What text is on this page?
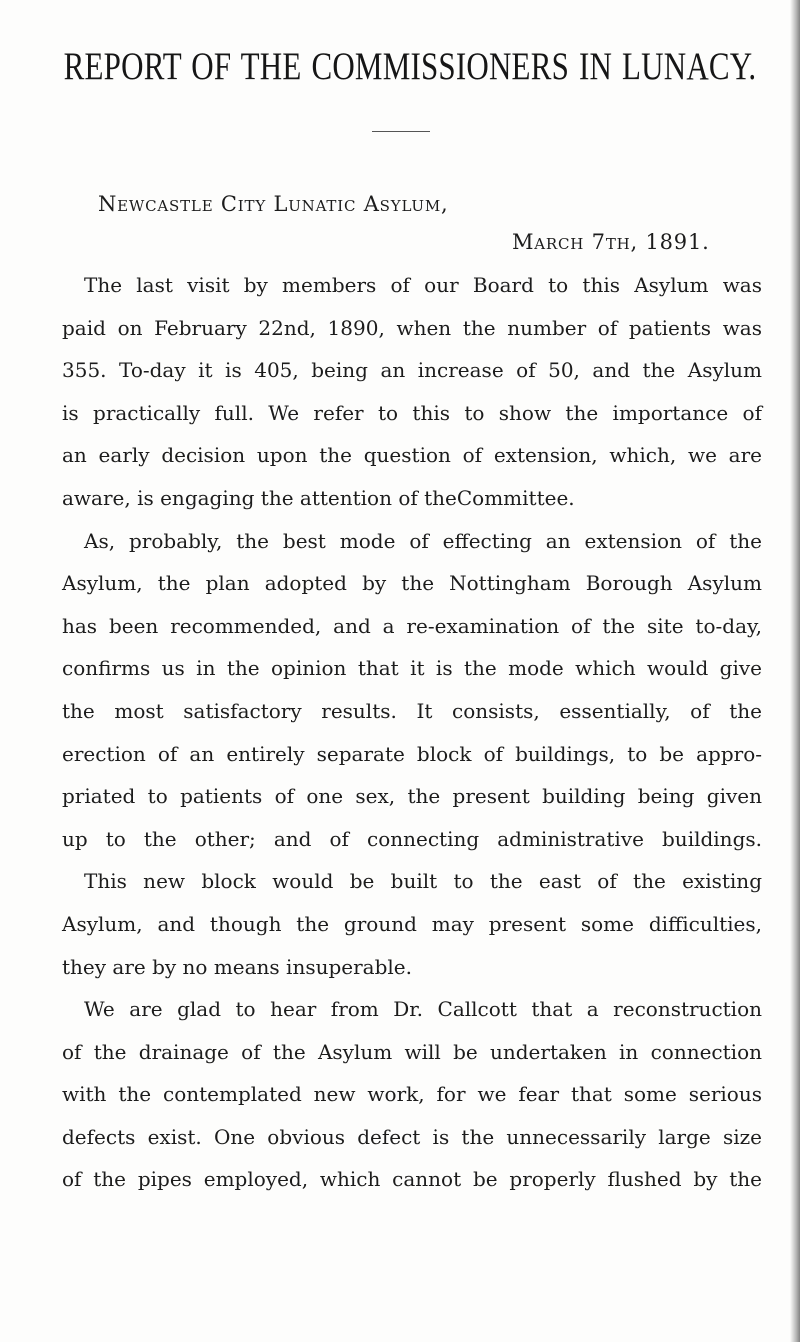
REPORT OF THE COMMISSIONERS IN LUNACY.
Newcastle City Lunatic Asylum,
March 7th, 1891.
The last visit by members of our Board to this Asylum was
paid on February 22nd, 1890, when the number of patients was
355. To-day it is 405, being an increase of 50, and the Asylum
is practically full. We refer to this to show the importance of
an early decision upon the question of extension, which, we are
aware, is engaging the attention of theCommittee.
As, probably, the best mode of effecting an extension of the
Asylum, the plan adopted by the Nottingham Borough Asylum
has been recommended, and a re-examination of the site to-day,
confirms us in the opinion that it is the mode which would give
the most satisfactory results. It consists, essentially, of the
erection of an entirely separate block of buildings, to be appro-
priated to patients of one sex, the present building being given
up to the other; and of connecting administrative buildings.
This new block would be built to the east of the existing
Asylum, and though the ground may present some difficulties,
they are by no means insuperable.
We are glad to hear from Dr. Callcott that a reconstruction
of the drainage of the Asylum will be undertaken in connection
with the contemplated new work, for we fear that some serious
defects exist. One obvious defect is the unnecessarily large size
of the pipes employed, which cannot be properly flushed by the
